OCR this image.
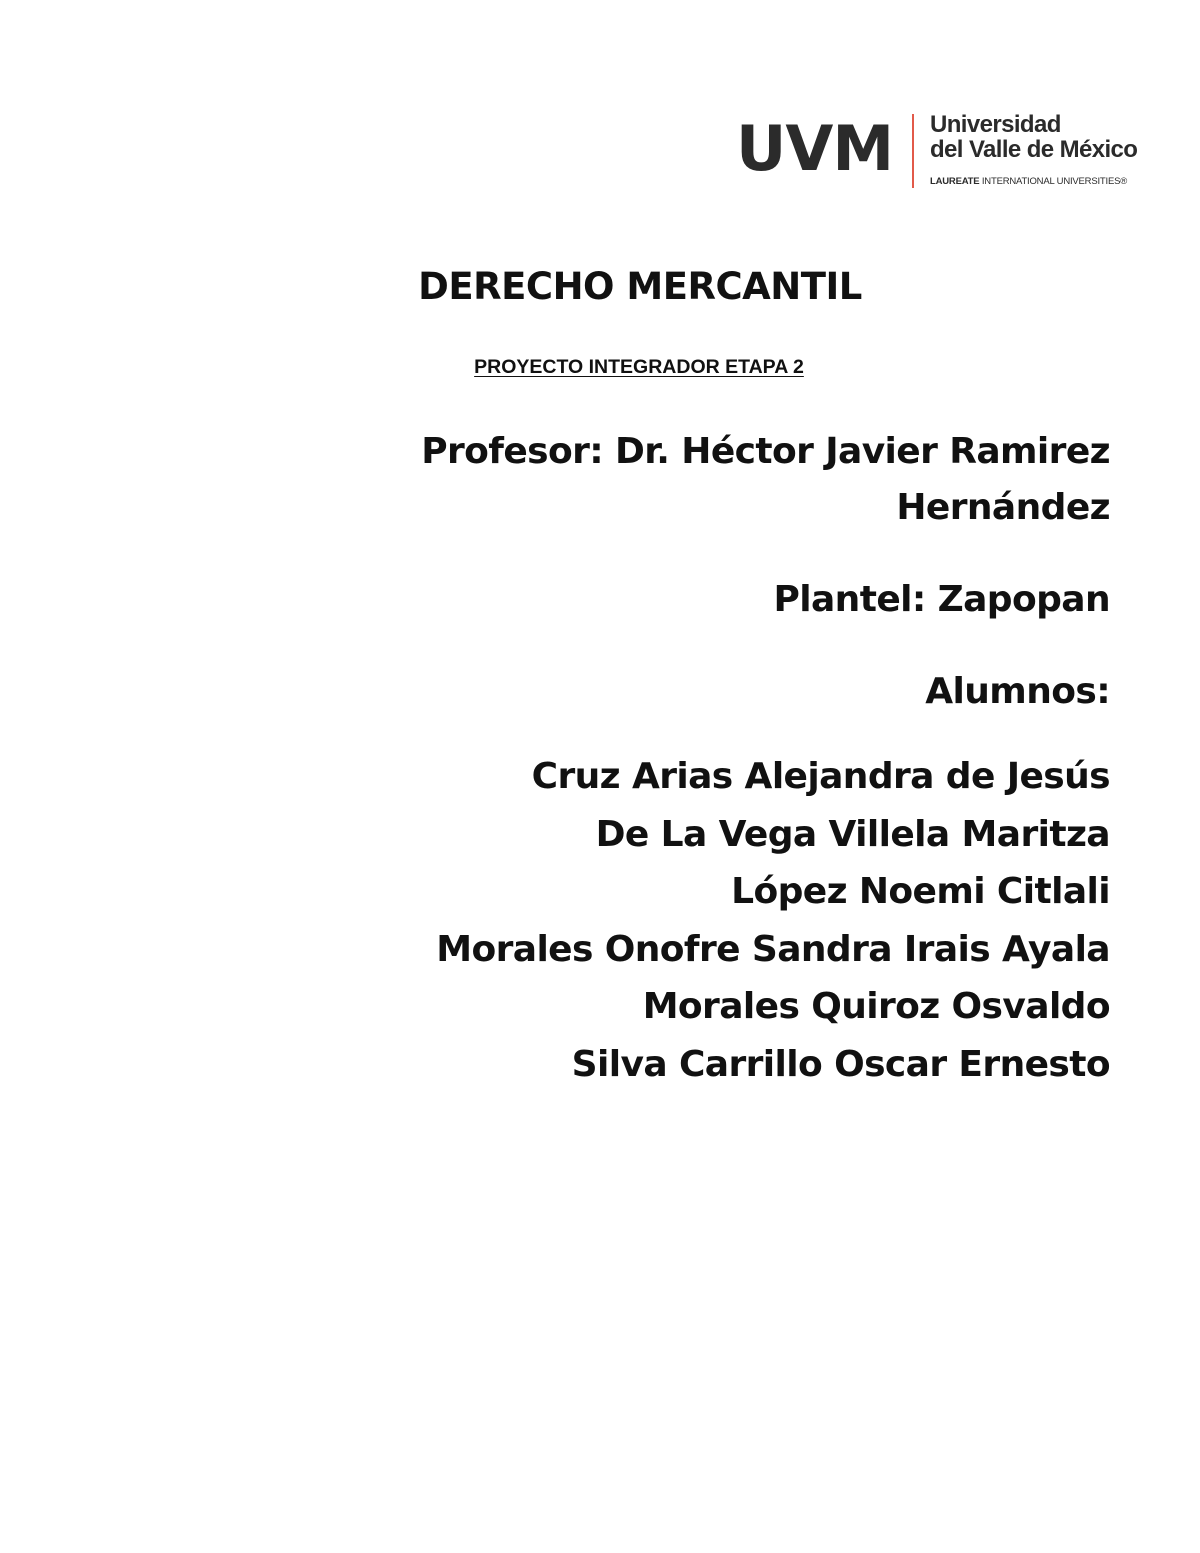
UVM Universidad
del Valle de México
LAUREATE INTERNATIONAL UNIVERSITIES®
DERECHO MERCANTIL
PROYECTO INTEGRADOR ETAPA 2
Profesor: Dr. Héctor Javier Ramirez
Hernández
Plantel: Zapopan
Alumnos:
Cruz Arias Alejandra de Jesús
De La Vega Villela Maritza
López Noemi Citlali
Morales Onofre Sandra Irais Ayala
Morales Quiroz Osvaldo
Silva Carrillo Oscar Ernesto
